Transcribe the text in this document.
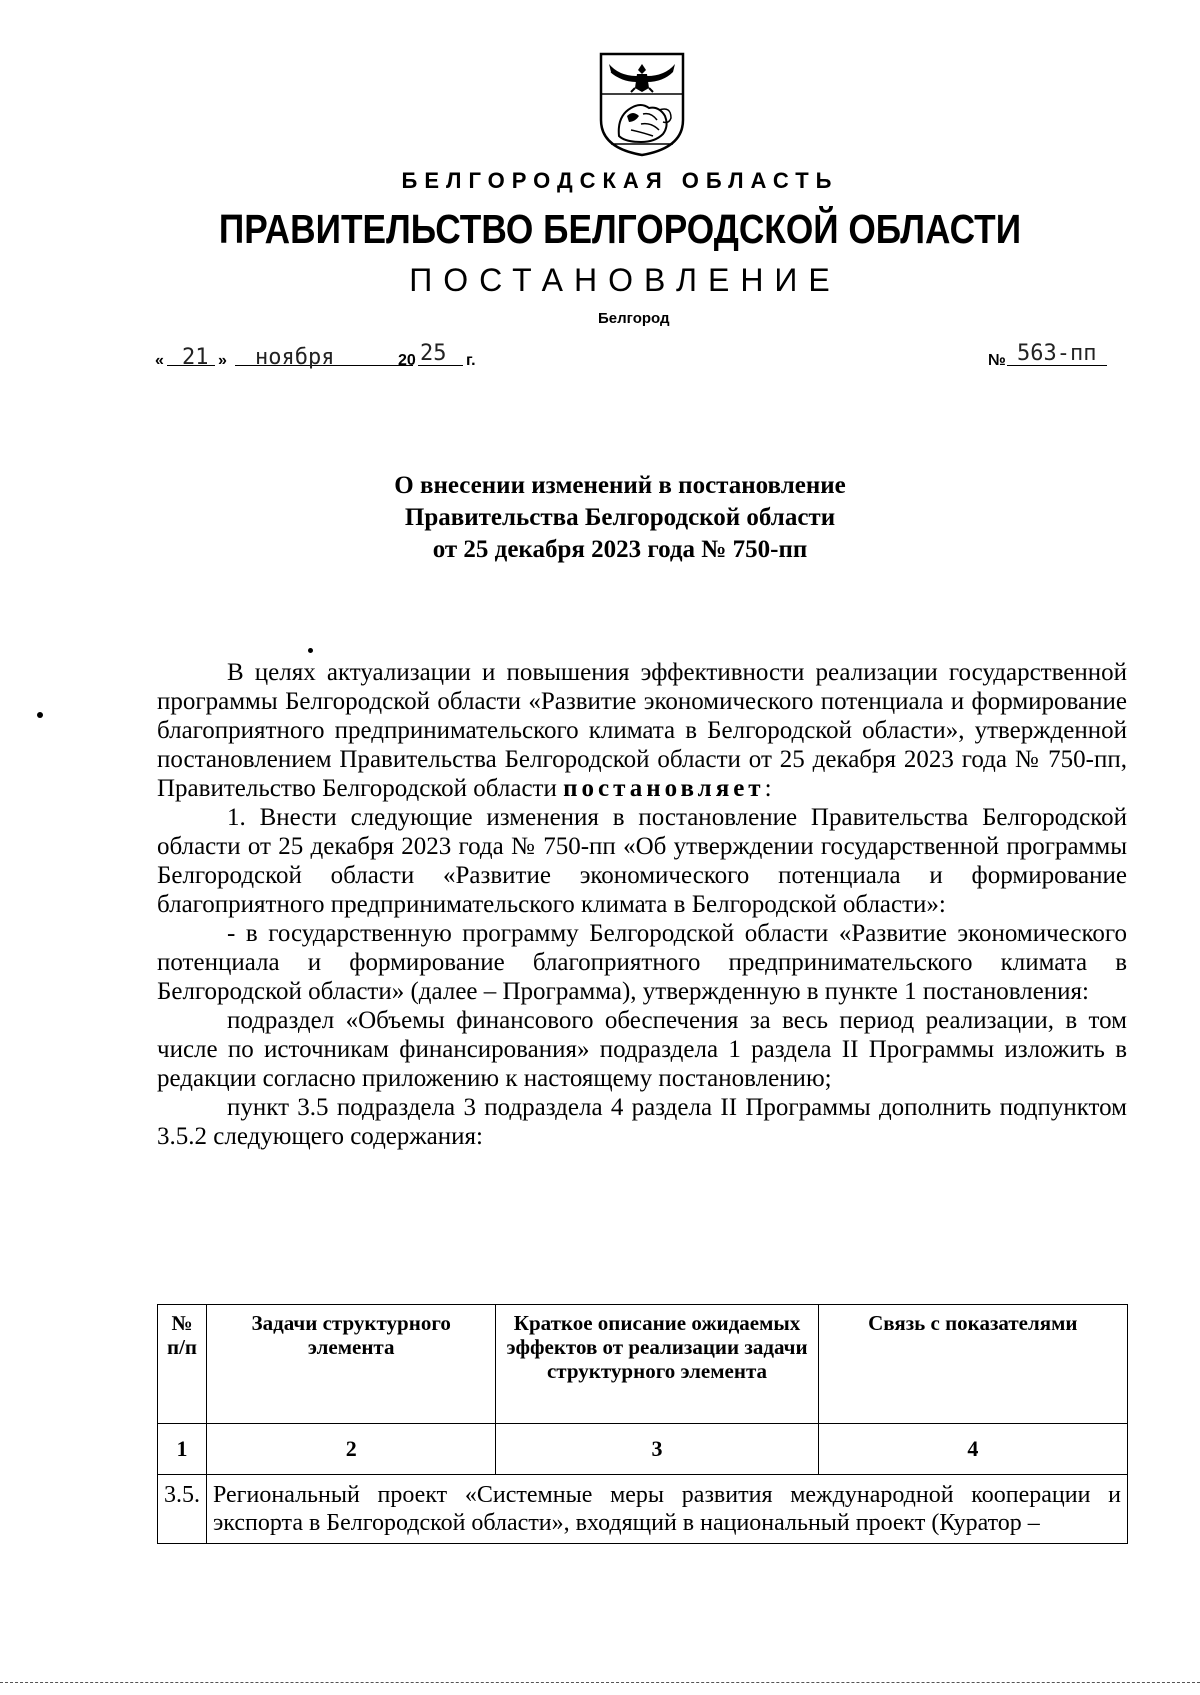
БЕЛГОРОДСКАЯ ОБЛАСТЬ
ПРАВИТЕЛЬСТВО БЕЛГОРОДСКОЙ ОБЛАСТИ
ПОСТАНОВЛЕНИЕ
Белгород
« 21 » ноября	20 25 г.	№ 563-пп
О внесении изменений в постановление
Правительства Белгородской области
от 25 декабря 2023 года № 750-пп

В целях актуализации и повышения эффективности реализации государственной программы Белгородской области «Развитие экономического потенциала и формирование благоприятного предпринимательского климата в Белгородской области», утвержденной постановлением Правительства Белгородской области от 25 декабря 2023 года № 750-пп, Правительство Белгородской области постановляет:

1. Внести следующие изменения в постановление Правительства Белгородской области от 25 декабря 2023 года № 750-пп «Об утверждении государственной программы Белгородской области «Развитие экономического потенциала и формирование благоприятного предпринимательского климата в Белгородской области»:

- в государственную программу Белгородской области «Развитие экономического потенциала и формирование благоприятного предпринимательского климата в Белгородской области» (далее – Программа), утвержденную в пункте 1 постановления:

подраздел «Объемы финансового обеспечения за весь период реализации, в том числе по источникам финансирования» подраздела 1 раздела II Программы изложить в редакции согласно приложению к настоящему постановлению;

пункт 3.5 подраздела 3 подраздела 4 раздела II Программы дополнить подпунктом 3.5.2 следующего содержания:

№ п/п	Задачи структурного элемента	Краткое описание ожидаемых эффектов от реализации задачи структурного элемента	Связь с показателями
1	2	3	4
3.5.	Региональный проект «Системные меры развития международной кооперации и экспорта в Белгородской области», входящий в национальный проект (Куратор –		
